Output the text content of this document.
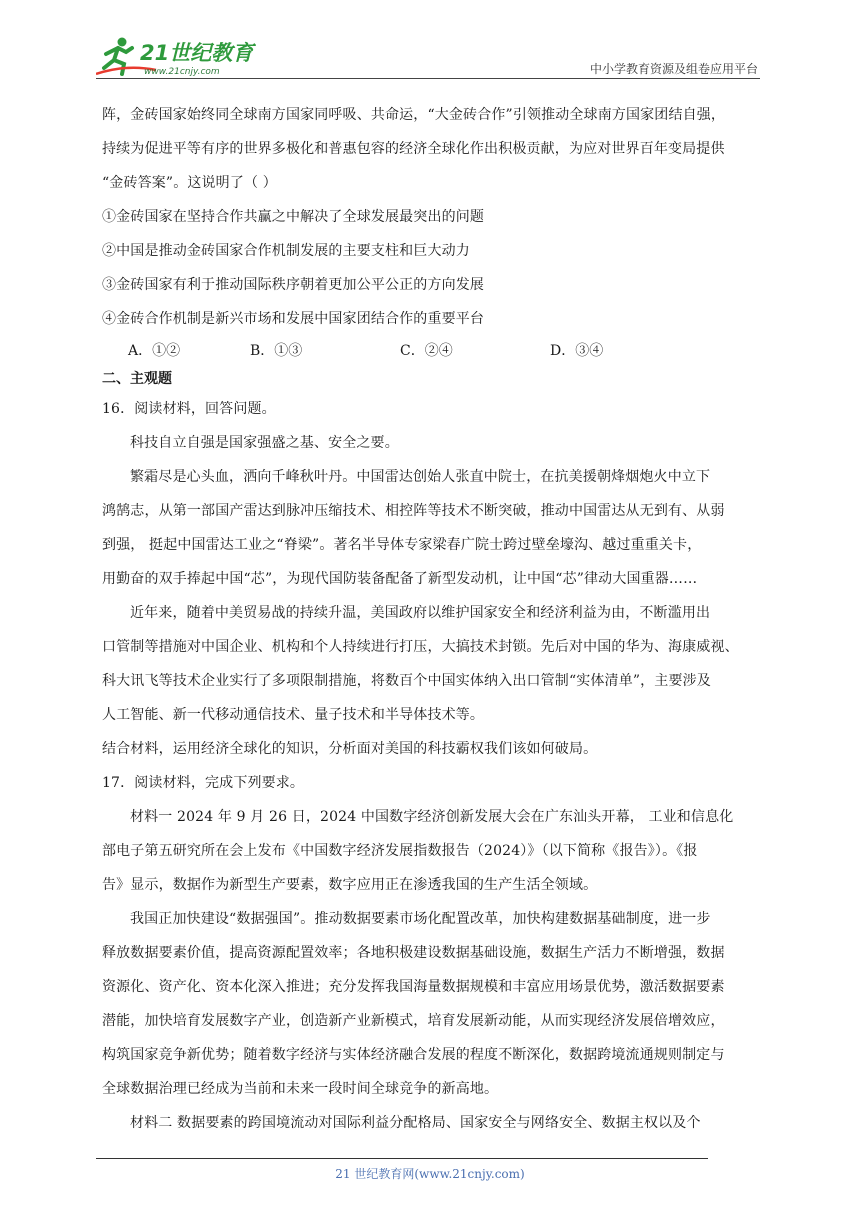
21世纪教育
www.21cnjy.com	中小学教育资源及组卷应用平台

阵，金砖国家始终同全球南方国家同呼吸、共命运，“大金砖合作”引领推动全球南方国家团结自强，

持续为促进平等有序的世界多极化和普惠包容的经济全球化作出积极贡献，为应对世界百年变局提供

“金砖答案”。这说明了（ ）

①金砖国家在坚持合作共赢之中解决了全球发展最突出的问题

②中国是推动金砖国家合作机制发展的主要支柱和巨大动力

③金砖国家有利于推动国际秩序朝着更加公平公正的方向发展

④金砖合作机制是新兴市场和发展中国家团结合作的重要平台

A．①②	B．①③	C．②④	D．③④

二、主观题

16．阅读材料，回答问题。

科技自立自强是国家强盛之基、安全之要。

繁霜尽是心头血，洒向千峰秋叶丹。中国雷达创始人张直中院士，在抗美援朝烽烟炮火中立下

鸿鹄志，从第一部国产雷达到脉冲压缩技术、相控阵等技术不断突破，推动中国雷达从无到有、从弱

到强， 挺起中国雷达工业之“脊梁”。著名半导体专家梁春广院士跨过壁垒壕沟、越过重重关卡，

用勤奋的双手捧起中国“芯”，为现代国防装备配备了新型发动机，让中国“芯”律动大国重器……

近年来，随着中美贸易战的持续升温，美国政府以维护国家安全和经济利益为由，不断滥用出

口管制等措施对中国企业、机构和个人持续进行打压，大搞技术封锁。先后对中国的华为、海康威视、

科大讯飞等技术企业实行了多项限制措施，将数百个中国实体纳入出口管制“实体清单”，主要涉及

人工智能、新一代移动通信技术、量子技术和半导体技术等。

结合材料，运用经济全球化的知识，分析面对美国的科技霸权我们该如何破局。

17．阅读材料，完成下列要求。

材料一 2024 年 9 月 26 日，2024 中国数字经济创新发展大会在广东汕头开幕， 工业和信息化

部电子第五研究所在会上发布《中国数字经济发展指数报告（2024）》（以下简称《报告》）。《报

告》显示，数据作为新型生产要素，数字应用正在渗透我国的生产生活全领域。

我国正加快建设“数据强国”。推动数据要素市场化配置改革，加快构建数据基础制度，进一步

释放数据要素价值，提高资源配置效率；各地积极建设数据基础设施，数据生产活力不断增强，数据

资源化、资产化、资本化深入推进；充分发挥我国海量数据规模和丰富应用场景优势，激活数据要素

潜能，加快培育发展数字产业，创造新产业新模式，培育发展新动能，从而实现经济发展倍增效应，

构筑国家竞争新优势；随着数字经济与实体经济融合发展的程度不断深化，数据跨境流通规则制定与

全球数据治理已经成为当前和未来一段时间全球竞争的新高地。

材料二 数据要素的跨国境流动对国际利益分配格局、国家安全与网络安全、数据主权以及个

21 世纪教育网(www.21cnjy.com)
